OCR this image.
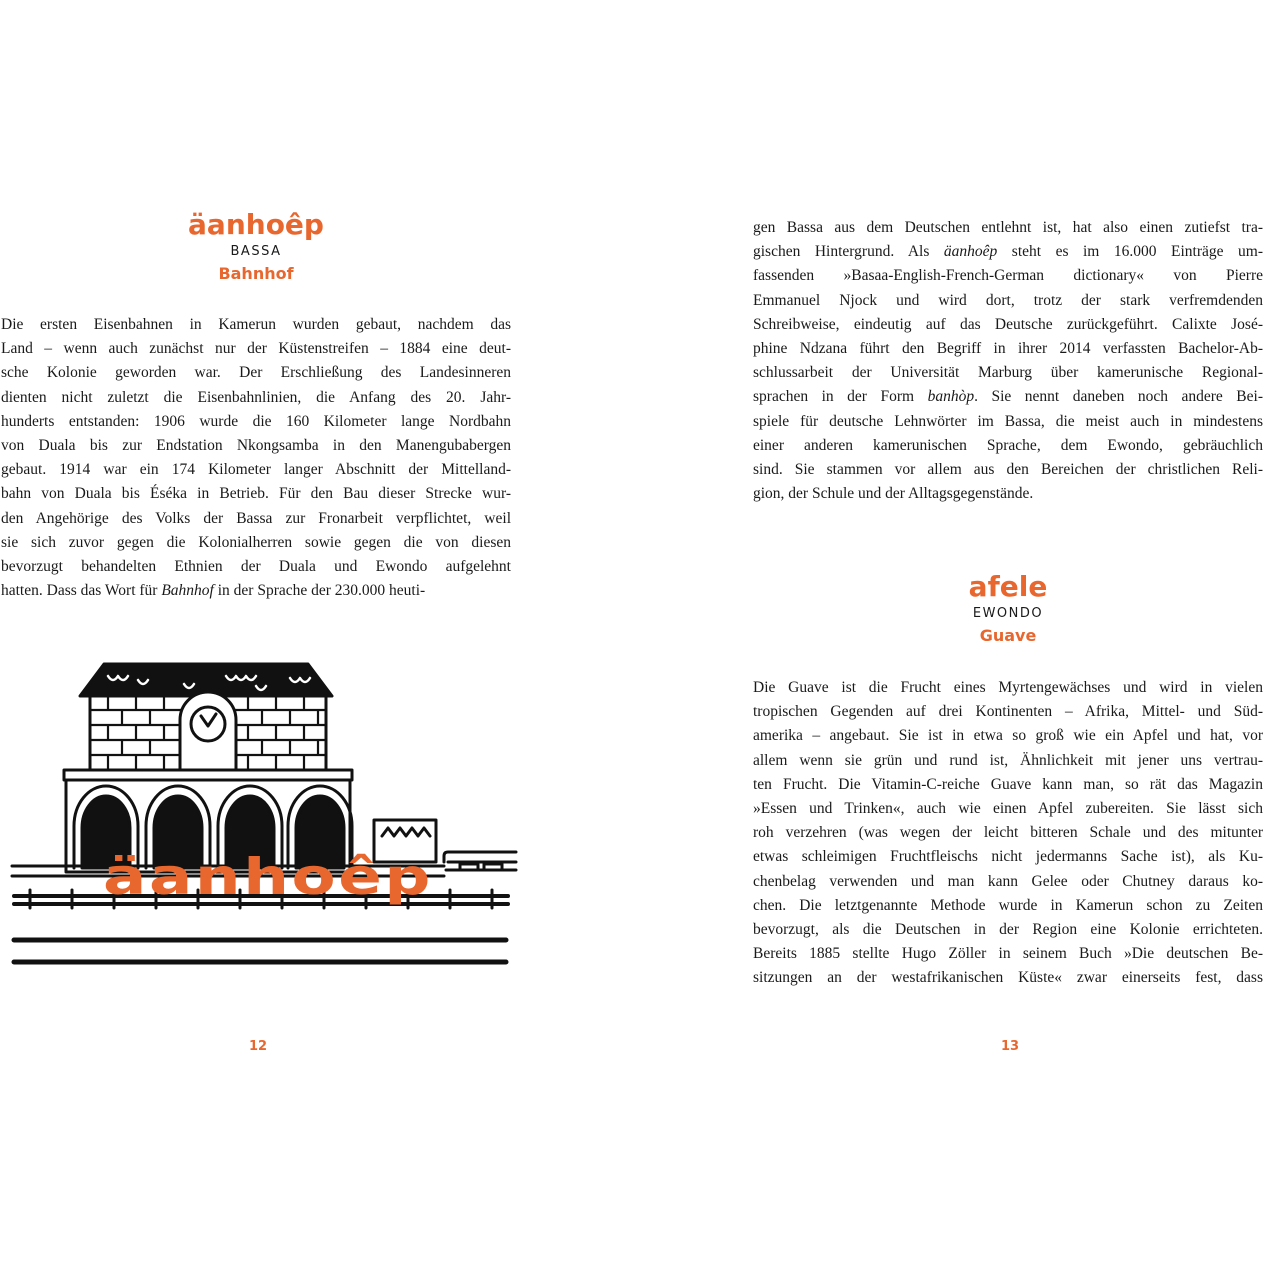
äanhoêp
BASSA
Bahnhof
Die ersten Eisenbahnen in Kamerun wurden gebaut, nachdem das
Land – wenn auch zunächst nur der Küstenstreifen – 1884 eine deut-
sche Kolonie geworden war. Der Erschließung des Landesinneren
dienten nicht zuletzt die Eisenbahnlinien, die Anfang des 20. Jahr-
hunderts entstanden: 1906 wurde die 160 Kilometer lange Nordbahn
von Duala bis zur Endstation Nkongsamba in den Manengubabergen
gebaut. 1914 war ein 174 Kilometer langer Abschnitt der Mittelland-
bahn von Duala bis Éséka in Betrieb. Für den Bau dieser Strecke wur-
den Angehörige des Volks der Bassa zur Fronarbeit verpflichtet, weil
sie sich zuvor gegen die Kolonialherren sowie gegen die von diesen
bevorzugt behandelten Ethnien der Duala und Ewondo aufgelehnt
hatten. Dass das Wort für Bahnhof in der Sprache der 230.000 heuti-
äanhoêp
12
gen Bassa aus dem Deutschen entlehnt ist, hat also einen zutiefst tra-
gischen Hintergrund. Als äanhoêp steht es im 16.000 Einträge um-
fassenden »Basaa-English-French-German dictionary« von Pierre
Emmanuel Njock und wird dort, trotz der stark verfremdenden
Schreibweise, eindeutig auf das Deutsche zurückgeführt. Calixte José-
phine Ndzana führt den Begriff in ihrer 2014 verfassten Bachelor-Ab-
schlussarbeit der Universität Marburg über kamerunische Regional-
sprachen in der Form banhòp. Sie nennt daneben noch andere Bei-
spiele für deutsche Lehnwörter im Bassa, die meist auch in mindestens
einer anderen kamerunischen Sprache, dem Ewondo, gebräuchlich
sind. Sie stammen vor allem aus den Bereichen der christlichen Reli-
gion, der Schule und der Alltagsgegenstände.
afele
EWONDO
Guave
Die Guave ist die Frucht eines Myrtengewächses und wird in vielen
tropischen Gegenden auf drei Kontinenten – Afrika, Mittel- und Süd-
amerika – angebaut. Sie ist in etwa so groß wie ein Apfel und hat, vor
allem wenn sie grün und rund ist, Ähnlichkeit mit jener uns vertrau-
ten Frucht. Die Vitamin-C-reiche Guave kann man, so rät das Magazin
»Essen und Trinken«, auch wie einen Apfel zubereiten. Sie lässt sich
roh verzehren (was wegen der leicht bitteren Schale und des mitunter
etwas schleimigen Fruchtfleischs nicht jedermanns Sache ist), als Ku-
chenbelag verwenden und man kann Gelee oder Chutney daraus ko-
chen. Die letztgenannte Methode wurde in Kamerun schon zu Zeiten
bevorzugt, als die Deutschen in der Region eine Kolonie errichteten.
Bereits 1885 stellte Hugo Zöller in seinem Buch »Die deutschen Be-
sitzungen an der westafrikanischen Küste« zwar einerseits fest, dass
13
